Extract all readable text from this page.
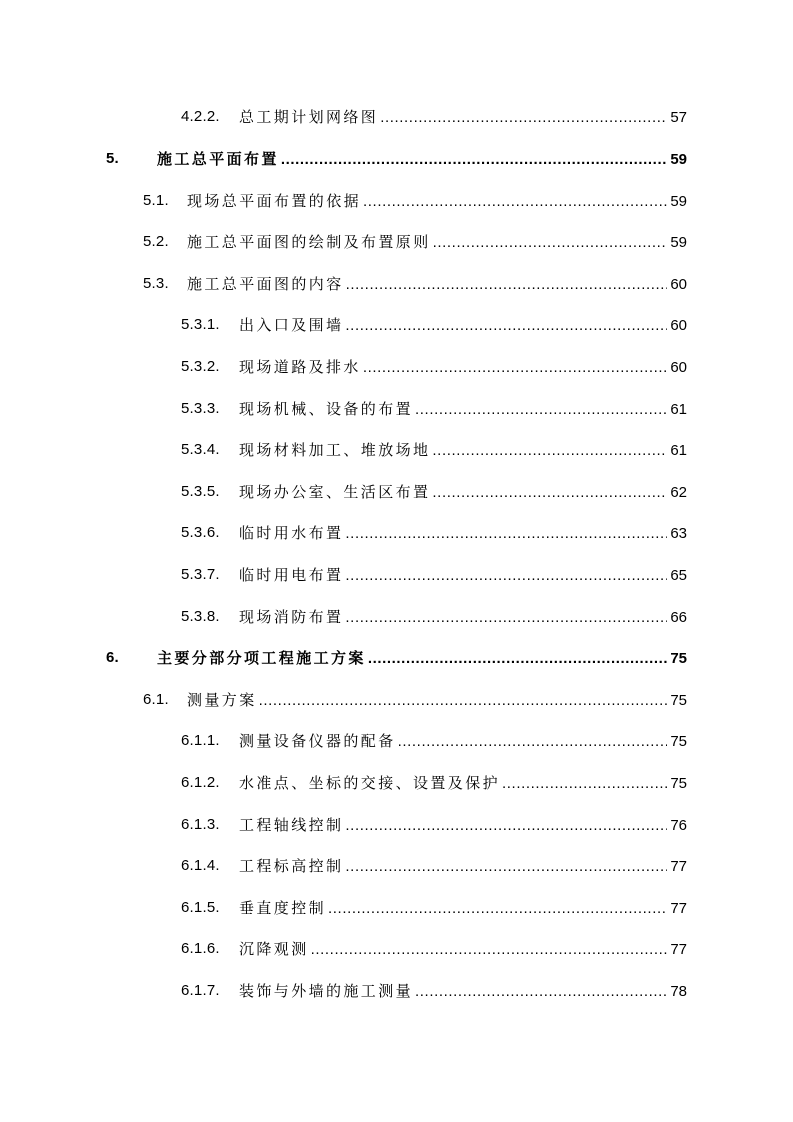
4.2.2.	总工期计划网络图 .....	57
5.	施工总平面布置 .....	59
5.1.	现场总平面布置的依据 .....	59
5.2.	施工总平面图的绘制及布置原则 .....	59
5.3.	施工总平面图的内容 .....	60
5.3.1.	出入口及围墙 .....	60
5.3.2.	现场道路及排水 .....	60
5.3.3.	现场机械、设备的布置 .....	61
5.3.4.	现场材料加工、堆放场地 .....	61
5.3.5.	现场办公室、生活区布置 .....	62
5.3.6.	临时用水布置 .....	63
5.3.7.	临时用电布置 .....	65
5.3.8.	现场消防布置 .....	66
6.	主要分部分项工程施工方案 .....	75
6.1.	测量方案 .....	75
6.1.1.	测量设备仪器的配备 .....	75
6.1.2.	水准点、坐标的交接、设置及保护 .....	75
6.1.3.	工程轴线控制 .....	76
6.1.4.	工程标高控制 .....	77
6.1.5.	垂直度控制 .....	77
6.1.6.	沉降观测 .....	77
6.1.7.	装饰与外墙的施工测量 .....	78
